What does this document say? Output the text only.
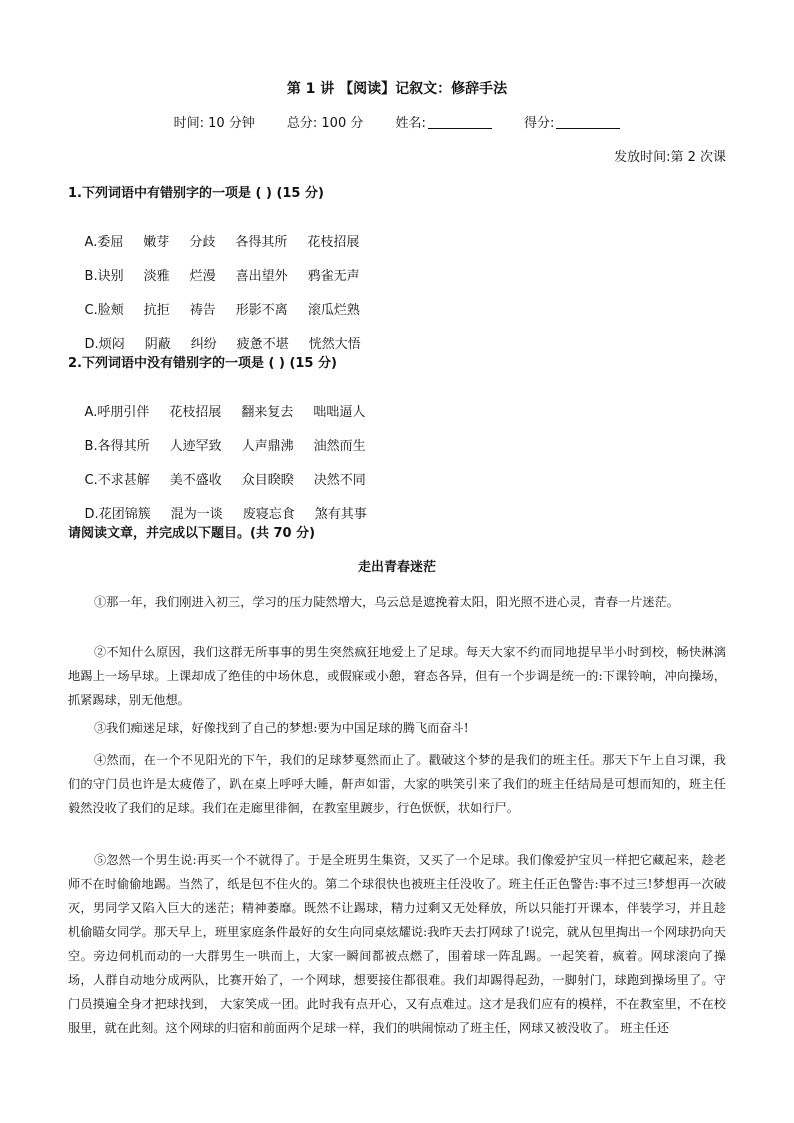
第 1 讲 【阅读】记叙文：修辞手法
时间: 10 分钟 总分: 100 分 姓名:	得分:
发放时间:第 2 次课
1.下列词语中有错别字的一项是 ( ) (15 分)

A.委屈 嫩芽 分歧 各得其所 花枝招展

B.诀别 淡雅 烂漫 喜出望外 鸦雀无声

C.脸颊 抗拒 祷告 形影不离 滚瓜烂熟

D.烦闷 阴蔽 纠纷 疲惫不堪 恍然大悟

2.下列词语中没有错别字的一项是 ( ) (15 分)

A.呼朋引伴 花枝招展 翻来复去 咄咄逼人

B.各得其所 人迹罕致 人声鼎沸 油然而生

C.不求甚解 美不盛收 众目睽睽 决然不同

D.花团锦簇 混为一谈 废寝忘食 煞有其事

请阅读文章，并完成以下题目。(共 70 分)
走出青春迷茫
①那一年，我们刚进入初三，学习的压力陡然增大，乌云总是遮挽着太阳，阳光照不进心灵，青春一片迷茫。
②不知什么原因，我们这群无所事事的男生突然疯狂地爱上了足球。每天大家不约而同地提早半小时到校，畅快淋漓地踢上一场早球。上课却成了绝佳的中场休息，或假寐或小憩，窘态各异，但有一个步调是统一的:下课铃响，冲向操场，抓紧踢球，别无他想。
③我们痴迷足球，好像找到了自己的梦想:要为中国足球的腾飞而奋斗!
④然而，在一个不见阳光的下午，我们的足球梦戛然而止了。戳破这个梦的是我们的班主任。那天下午上自习课，我们的守门员也许是太疲倦了，趴在桌上呼呼大睡，鼾声如雷，大家的哄笑引来了我们的班主任结局是可想而知的，班主任毅然没收了我们的足球。我们在走廊里徘徊，在教室里踱步，行色恹恹，状如行尸。
⑤忽然一个男生说:再买一个不就得了。于是全班男生集资，又买了一个足球。我们像爱护宝贝一样把它藏起来，趁老师不在时偷偷地踢。当然了，纸是包不住火的。第二个球很快也被班主任没收了。班主任正色警告:事不过三!梦想再一次破灭，男同学又陷入巨大的迷茫；精神萎靡。既然不让踢球，精力过剩又无处释放，所以只能打开课本，伴装学习，并且趁机偷瞄女同学。那天早上，班里家庭条件最好的女生向同桌炫耀说:我昨天去打网球了!说完，就从包里掏出一个网球扔向天空。旁边伺机而动的一大群男生一哄而上，大家一瞬间都被点燃了，围着球一阵乱踢。一起笑着，疯着。网球滚向了操场，人群自动地分成两队，比赛开始了，一个网球，想要接住都很难。我们却踢得起劲，一脚射门，球跑到操场里了。守门员摸遍全身才把球找到， 大家笑成一团。此时我有点开心，又有点难过。这才是我们应有的模样，不在教室里，不在校服里，就在此刻。这个网球的归宿和前面两个足球一样，我们的哄闹惊动了班主任，网球又被没收了。 班主任还
